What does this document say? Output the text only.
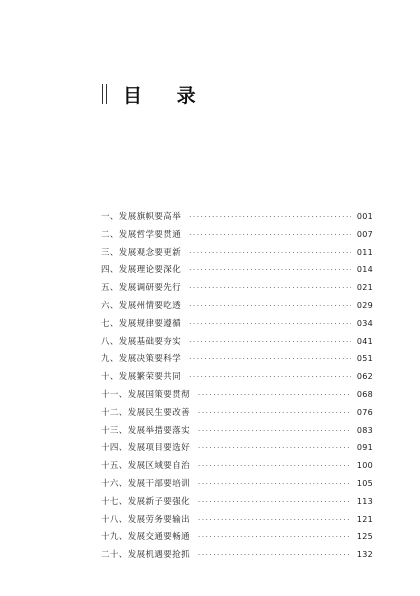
目 录
一、发展旗帜要高举 ·····	001
二、发展哲学要贯通 ·····	007
三、发展观念要更新 ·····	011
四、发展理论要深化 ·····	014
五、发展调研要先行 ·····	021
六、发展州情要吃透 ·····	029
七、发展规律要遵循 ·····	034
八、发展基础要夯实 ·····	041
九、发展决策要科学 ·····	051
十、发展繁荣要共同 ·····	062
十一、发展国策要贯彻 ·····	068
十二、发展民生要改善 ·····	076
十三、发展举措要落实 ·····	083
十四、发展项目要选好 ·····	091
十五、发展区域要自治 ·····	100
十六、发展干部要培训 ·····	105
十七、发展新子要强化 ·····	113
十八、发展劳务要输出 ·····	121
十九、发展交通要畅通 ·····	125
二十、发展机遇要抢抓 ·····	132
